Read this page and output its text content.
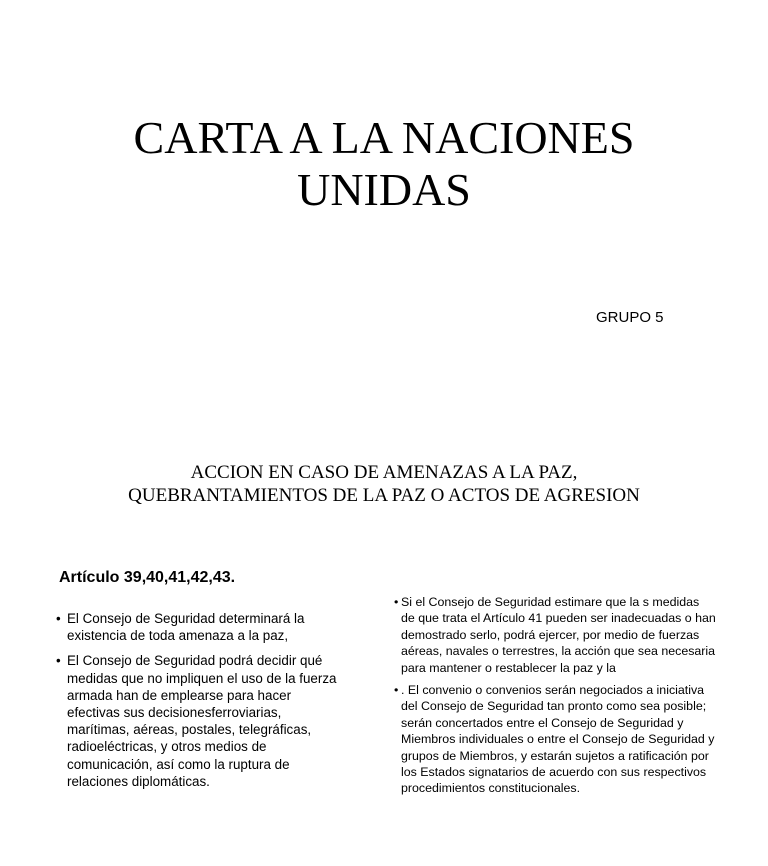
CARTA A LA NACIONES
UNIDAS
GRUPO 5
ACCION EN CASO DE AMENAZAS A LA PAZ,
QUEBRANTAMIENTOS DE LA PAZ O ACTOS DE AGRESION
Artículo 39,40,41,42,43.
• El Consejo de Seguridad determinará la existencia de toda amenaza a la paz,
• El Consejo de Seguridad podrá decidir qué medidas que no impliquen el uso de la fuerza armada han de emplearse para hacer efectivas sus decisionesferroviarias, marítimas, aéreas, postales, telegráficas, radioeléctricas, y otros medios de comunicación, así como la ruptura de relaciones diplomáticas.
• Si el Consejo de Seguridad estimare que la s medidas de que trata el Artículo 41 pueden ser inadecuadas o han demostrado serlo, podrá ejercer, por medio de fuerzas aéreas, navales o terrestres, la acción que sea necesaria para mantener o restablecer la paz y la
• . El convenio o convenios serán negociados a iniciativa del Consejo de Seguridad tan pronto como sea posible; serán concertados entre el Consejo de Seguridad y Miembros individuales o entre el Consejo de Seguridad y grupos de Miembros, y estarán sujetos a ratificación por los Estados signatarios de acuerdo con sus respectivos procedimientos constitucionales.
